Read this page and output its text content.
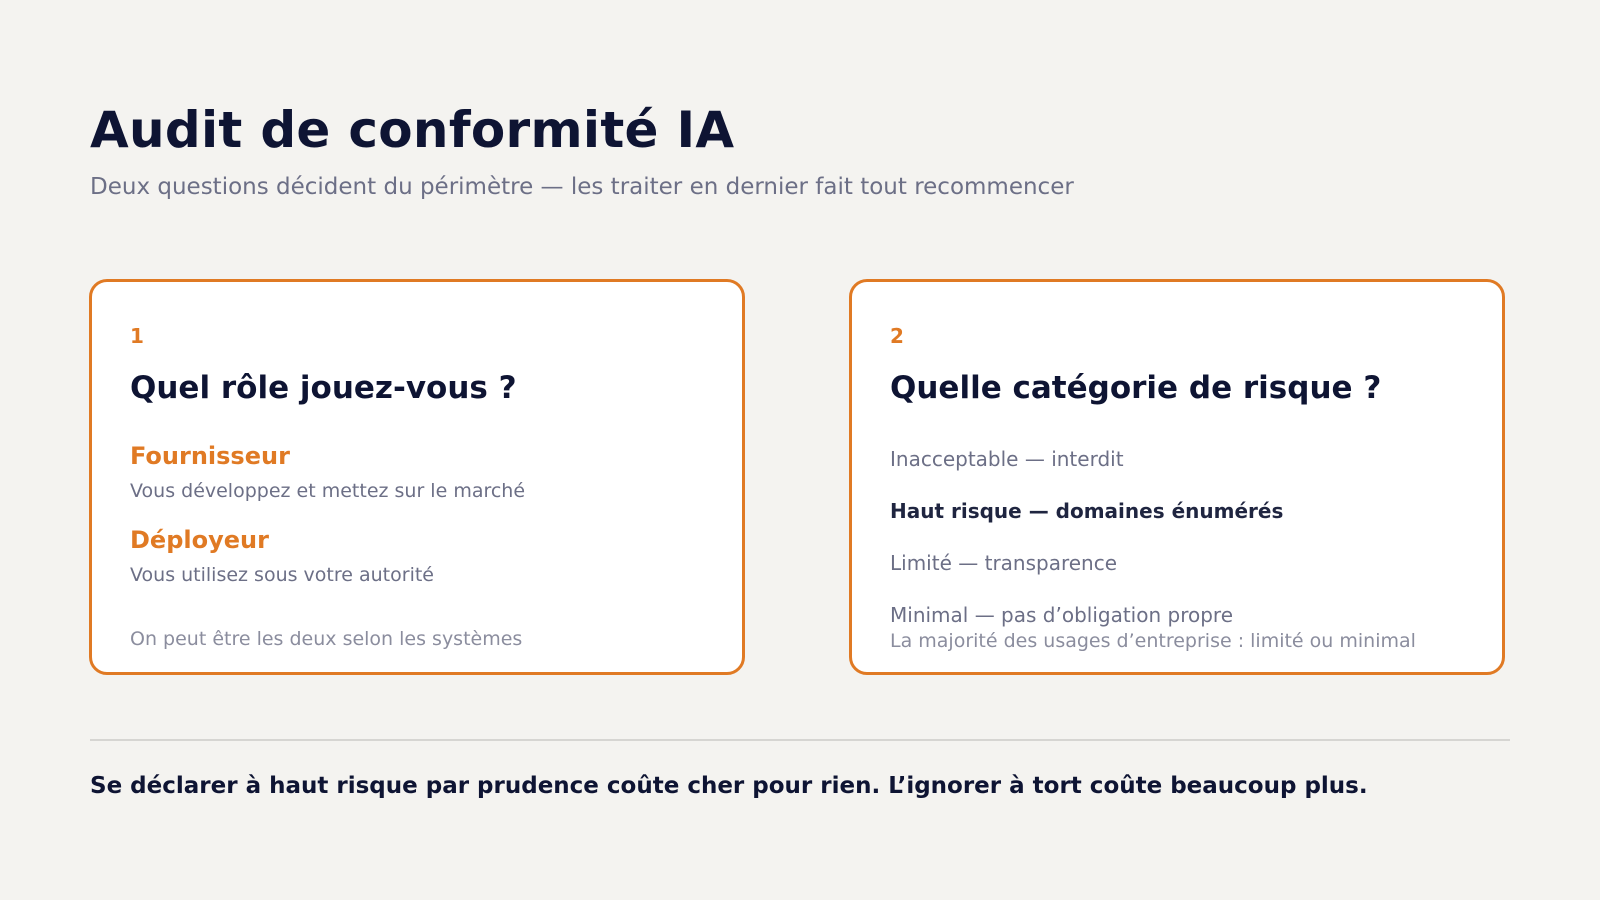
Audit de conformité IA

Deux questions décident du périmètre — les traiter en dernier fait tout recommencer

1
Quel rôle jouez-vous ?
Fournisseur
Vous développez et mettez sur le marché
Déployeur
Vous utilisez sous votre autorité
On peut être les deux selon les systèmes
2
Quelle catégorie de risque ?
Inacceptable — interdit
Haut risque — domaines énumérés
Limité — transparence
Minimal — pas d’obligation propre
La majorité des usages d’entreprise : limité ou minimal

Se déclarer à haut risque par prudence coûte cher pour rien. L’ignorer à tort coûte beaucoup plus.
